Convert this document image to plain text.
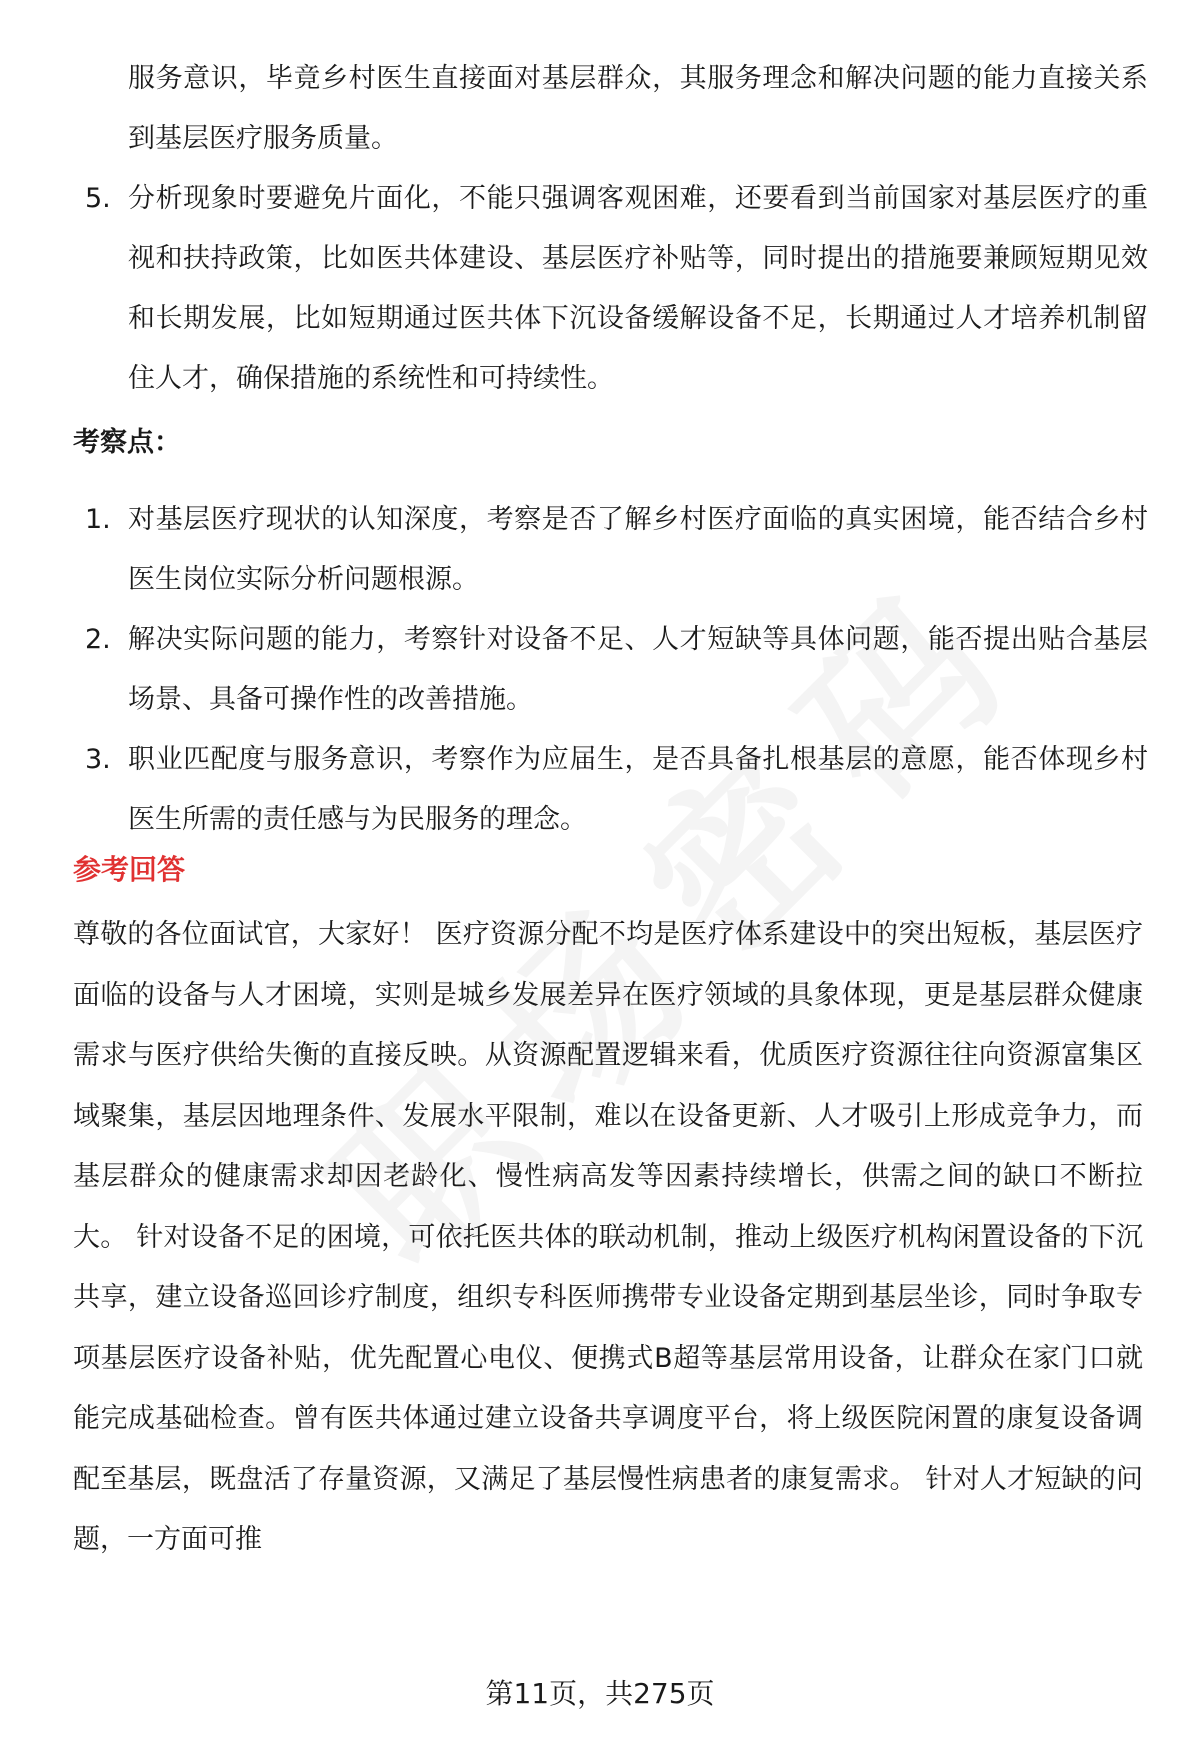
服务意识，毕竟乡村医生直接面对基层群众，其服务理念和解决问题的能力直接关系到基层医疗服务质量。
5. 分析现象时要避免片面化，不能只强调客观困难，还要看到当前国家对基层医疗的重视和扶持政策，比如医共体建设、基层医疗补贴等，同时提出的措施要兼顾短期见效和长期发展，比如短期通过医共体下沉设备缓解设备不足，长期通过人才培养机制留住人才，确保措施的系统性和可持续性。
考察点：
1. 对基层医疗现状的认知深度，考察是否了解乡村医疗面临的真实困境，能否结合乡村医生岗位实际分析问题根源。
2. 解决实际问题的能力，考察针对设备不足、人才短缺等具体问题，能否提出贴合基层场景、具备可操作性的改善措施。
3. 职业匹配度与服务意识，考察作为应届生，是否具备扎根基层的意愿，能否体现乡村医生所需的责任感与为民服务的理念。
参考回答
尊敬的各位面试官，大家好！ 医疗资源分配不均是医疗体系建设中的突出短板，基层医疗面临的设备与人才困境，实则是城乡发展差异在医疗领域的具象体现，更是基层群众健康需求与医疗供给失衡的直接反映。从资源配置逻辑来看，优质医疗资源往往向资源富集区域聚集，基层因地理条件、发展水平限制，难以在设备更新、人才吸引上形成竞争力，而基层群众的健康需求却因老龄化、慢性病高发等因素持续增长，供需之间的缺口不断拉大。 针对设备不足的困境，可依托医共体的联动机制，推动上级医疗机构闲置设备的下沉共享，建立设备巡回诊疗制度，组织专科医师携带专业设备定期到基层坐诊，同时争取专项基层医疗设备补贴，优先配置心电仪、便携式B超等基层常用设备，让群众在家门口就能完成基础检查。曾有医共体通过建立设备共享调度平台，将上级医院闲置的康复设备调配至基层，既盘活了存量资源，又满足了基层慢性病患者的康复需求。 针对人才短缺的问题，一方面可推
第11页，共275页
